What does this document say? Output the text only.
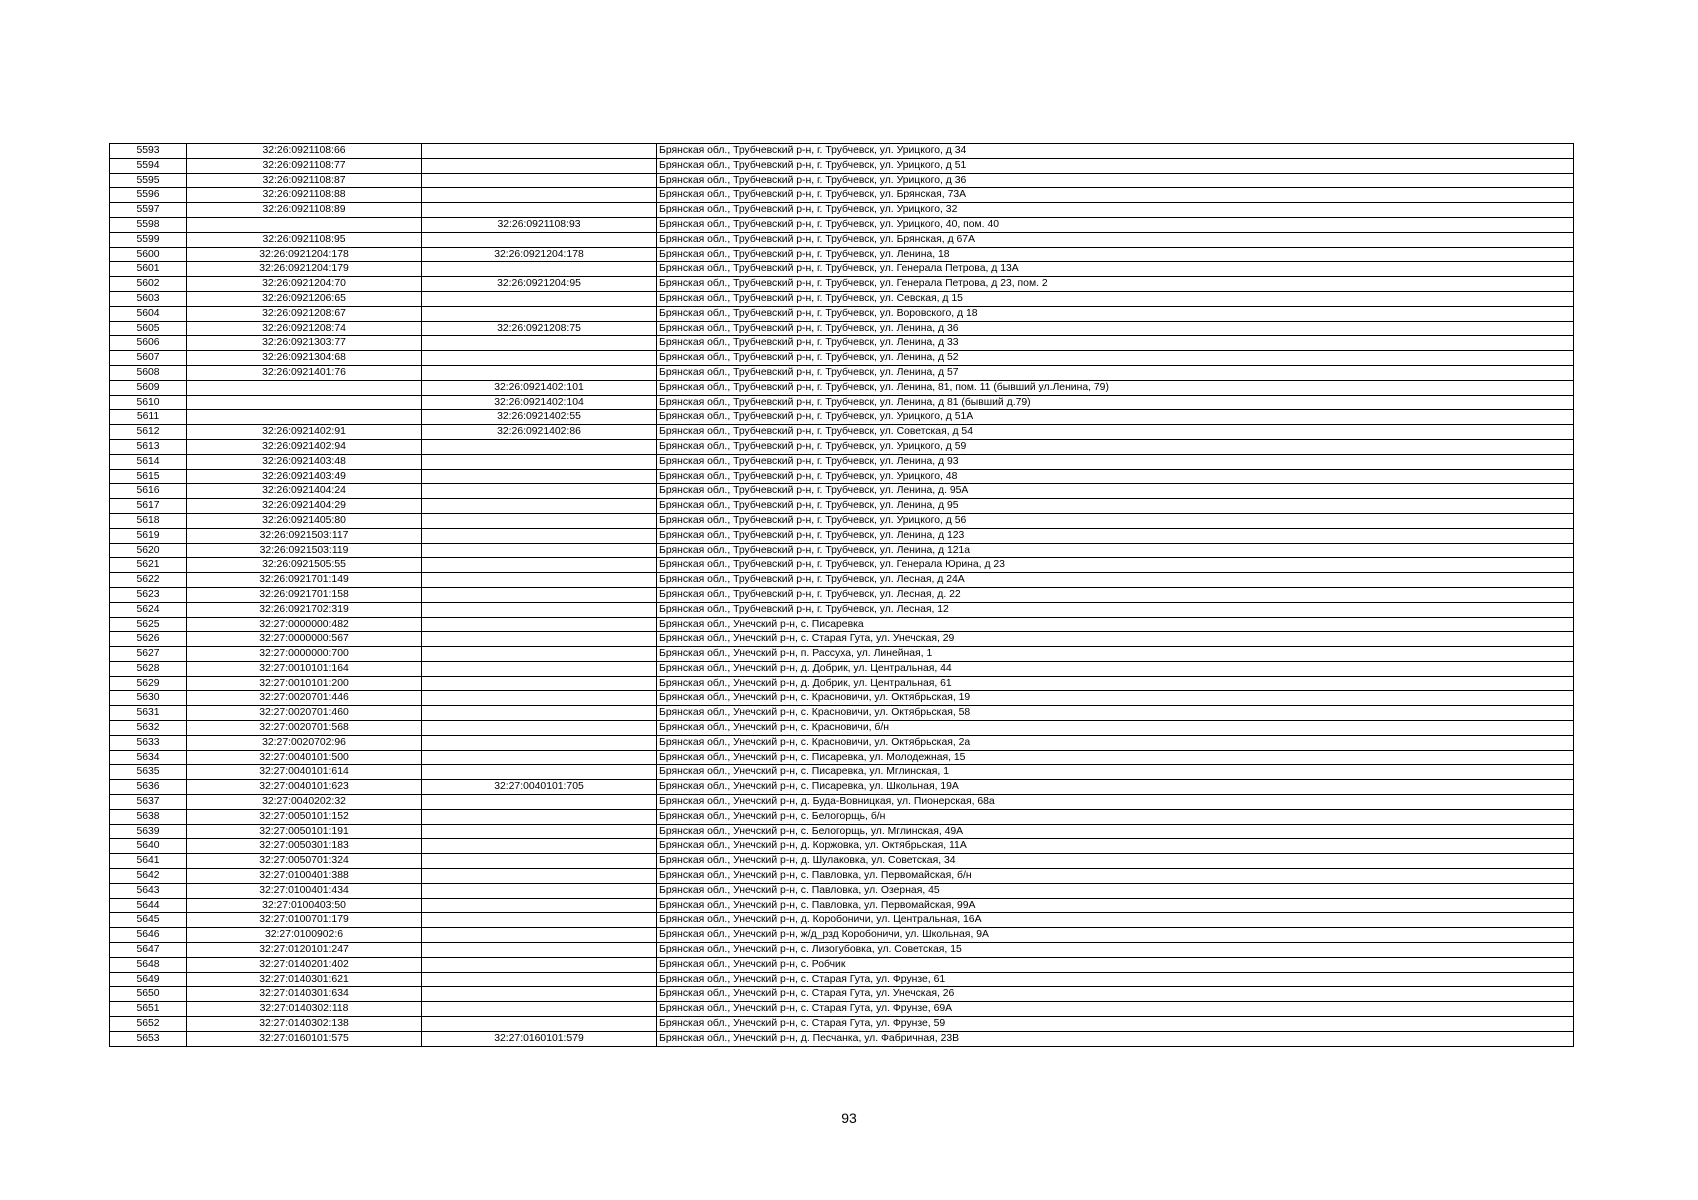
5593	32:26:0921108:66		Брянская обл., Трубчевский р-н, г. Трубчевск, ул. Урицкого, д 34
5594	32:26:0921108:77		Брянская обл., Трубчевский р-н, г. Трубчевск, ул. Урицкого, д 51
5595	32:26:0921108:87		Брянская обл., Трубчевский р-н, г. Трубчевск, ул. Урицкого, д 36
5596	32:26:0921108:88		Брянская обл., Трубчевский р-н, г. Трубчевск, ул. Брянская, 73А
5597	32:26:0921108:89		Брянская обл., Трубчевский р-н, г. Трубчевск, ул. Урицкого, 32
5598		32:26:0921108:93	Брянская обл., Трубчевский р-н, г. Трубчевск, ул. Урицкого, 40, пом. 40
5599	32:26:0921108:95		Брянская обл., Трубчевский р-н, г. Трубчевск, ул. Брянская, д 67А
5600	32:26:0921204:178	32:26:0921204:178	Брянская обл., Трубчевский р-н, г. Трубчевск, ул. Ленина, 18
5601	32:26:0921204:179		Брянская обл., Трубчевский р-н, г. Трубчевск, ул. Генерала Петрова, д 13А
5602	32:26:0921204:70	32:26:0921204:95	Брянская обл., Трубчевский р-н, г. Трубчевск, ул. Генерала Петрова, д 23, пом. 2
5603	32:26:0921206:65		Брянская обл., Трубчевский р-н, г. Трубчевск, ул. Севская, д 15
5604	32:26:0921208:67		Брянская обл., Трубчевский р-н, г. Трубчевск, ул. Воровского, д 18
5605	32:26:0921208:74	32:26:0921208:75	Брянская обл., Трубчевский р-н, г. Трубчевск, ул. Ленина, д 36
5606	32:26:0921303:77		Брянская обл., Трубчевский р-н, г. Трубчевск, ул. Ленина, д 33
5607	32:26:0921304:68		Брянская обл., Трубчевский р-н, г. Трубчевск, ул. Ленина, д 52
5608	32:26:0921401:76		Брянская обл., Трубчевский р-н, г. Трубчевск, ул. Ленина, д 57
5609		32:26:0921402:101	Брянская обл., Трубчевский р-н, г. Трубчевск, ул. Ленина, 81, пом. 11 (бывший ул.Ленина, 79)
5610		32:26:0921402:104	Брянская обл., Трубчевский р-н, г. Трубчевск, ул. Ленина, д 81 (бывший д.79)
5611		32:26:0921402:55	Брянская обл., Трубчевский р-н, г. Трубчевск, ул. Урицкого, д 51А
5612	32:26:0921402:91	32:26:0921402:86	Брянская обл., Трубчевский р-н, г. Трубчевск, ул. Советская, д 54
5613	32:26:0921402:94		Брянская обл., Трубчевский р-н, г. Трубчевск, ул. Урицкого, д 59
5614	32:26:0921403:48		Брянская обл., Трубчевский р-н, г. Трубчевск, ул. Ленина, д 93
5615	32:26:0921403:49		Брянская обл., Трубчевский р-н, г. Трубчевск, ул. Урицкого, 48
5616	32:26:0921404:24		Брянская обл., Трубчевский р-н, г. Трубчевск, ул. Ленина, д. 95А
5617	32:26:0921404:29		Брянская обл., Трубчевский р-н, г. Трубчевск, ул. Ленина, д 95
5618	32:26:0921405:80		Брянская обл., Трубчевский р-н, г. Трубчевск, ул. Урицкого, д 56
5619	32:26:0921503:117		Брянская обл., Трубчевский р-н, г. Трубчевск, ул. Ленина, д 123
5620	32:26:0921503:119		Брянская обл., Трубчевский р-н, г. Трубчевск, ул. Ленина, д 121а
5621	32:26:0921505:55		Брянская обл., Трубчевский р-н, г. Трубчевск, ул. Генерала Юрина, д 23
5622	32:26:0921701:149		Брянская обл., Трубчевский р-н, г. Трубчевск, ул. Лесная, д 24А
5623	32:26:0921701:158		Брянская обл., Трубчевский р-н, г. Трубчевск, ул. Лесная, д. 22
5624	32:26:0921702:319		Брянская обл., Трубчевский р-н, г. Трубчевск, ул. Лесная, 12
5625	32:27:0000000:482		Брянская обл., Унечский р-н, с. Писаревка
5626	32:27:0000000:567		Брянская обл., Унечский р-н, с. Старая Гута, ул. Унечская, 29
5627	32:27:0000000:700		Брянская обл., Унечский р-н, п. Рассуха, ул. Линейная, 1
5628	32:27:0010101:164		Брянская обл., Унечский р-н, д. Добрик, ул. Центральная, 44
5629	32:27:0010101:200		Брянская обл., Унечский р-н, д. Добрик, ул. Центральная, 61
5630	32:27:0020701:446		Брянская обл., Унечский р-н, с. Красновичи, ул. Октябрьская, 19
5631	32:27:0020701:460		Брянская обл., Унечский р-н, с. Красновичи, ул. Октябрьская, 58
5632	32:27:0020701:568		Брянская обл., Унечский р-н, с. Красновичи, б/н
5633	32:27:0020702:96		Брянская обл., Унечский р-н, с. Красновичи, ул. Октябрьская, 2а
5634	32:27:0040101:500		Брянская обл., Унечский р-н, с. Писаревка, ул. Молодежная, 15
5635	32:27:0040101:614		Брянская обл., Унечский р-н, с. Писаревка, ул. Мглинская, 1
5636	32:27:0040101:623	32:27:0040101:705	Брянская обл., Унечский р-н, с. Писаревка, ул. Школьная, 19А
5637	32:27:0040202:32		Брянская обл., Унечский р-н, д. Буда-Вовницкая, ул. Пионерская, 68а
5638	32:27:0050101:152		Брянская обл., Унечский р-н, с. Белогорщь, б/н
5639	32:27:0050101:191		Брянская обл., Унечский р-н, с. Белогорщь, ул. Мглинская, 49А
5640	32:27:0050301:183		Брянская обл., Унечский р-н, д. Коржовка, ул. Октябрьская, 11А
5641	32:27:0050701:324		Брянская обл., Унечский р-н, д. Шулаковка, ул. Советская, 34
5642	32:27:0100401:388		Брянская обл., Унечский р-н, с. Павловка, ул. Первомайская, б/н
5643	32:27:0100401:434		Брянская обл., Унечский р-н, с. Павловка, ул. Озерная, 45
5644	32:27:0100403:50		Брянская обл., Унечский р-н, с. Павловка, ул. Первомайская, 99А
5645	32:27:0100701:179		Брянская обл., Унечский р-н, д. Коробоничи, ул. Центральная, 16А
5646	32:27:0100902:6		Брянская обл., Унечский р-н, ж/д_рзд Коробоничи, ул. Школьная, 9А
5647	32:27:0120101:247		Брянская обл., Унечский р-н, с. Лизогубовка, ул. Советская, 15
5648	32:27:0140201:402		Брянская обл., Унечский р-н, с. Робчик
5649	32:27:0140301:621		Брянская обл., Унечский р-н, с. Старая Гута, ул. Фрунзе, 61
5650	32:27:0140301:634		Брянская обл., Унечский р-н, с. Старая Гута, ул. Унечская, 26
5651	32:27:0140302:118		Брянская обл., Унечский р-н, с. Старая Гута, ул. Фрунзе, 69А
5652	32:27:0140302:138		Брянская обл., Унечский р-н, с. Старая Гута, ул. Фрунзе, 59
5653	32:27:0160101:575	32:27:0160101:579	Брянская обл., Унечский р-н, д. Песчанка, ул. Фабричная, 23В
93
